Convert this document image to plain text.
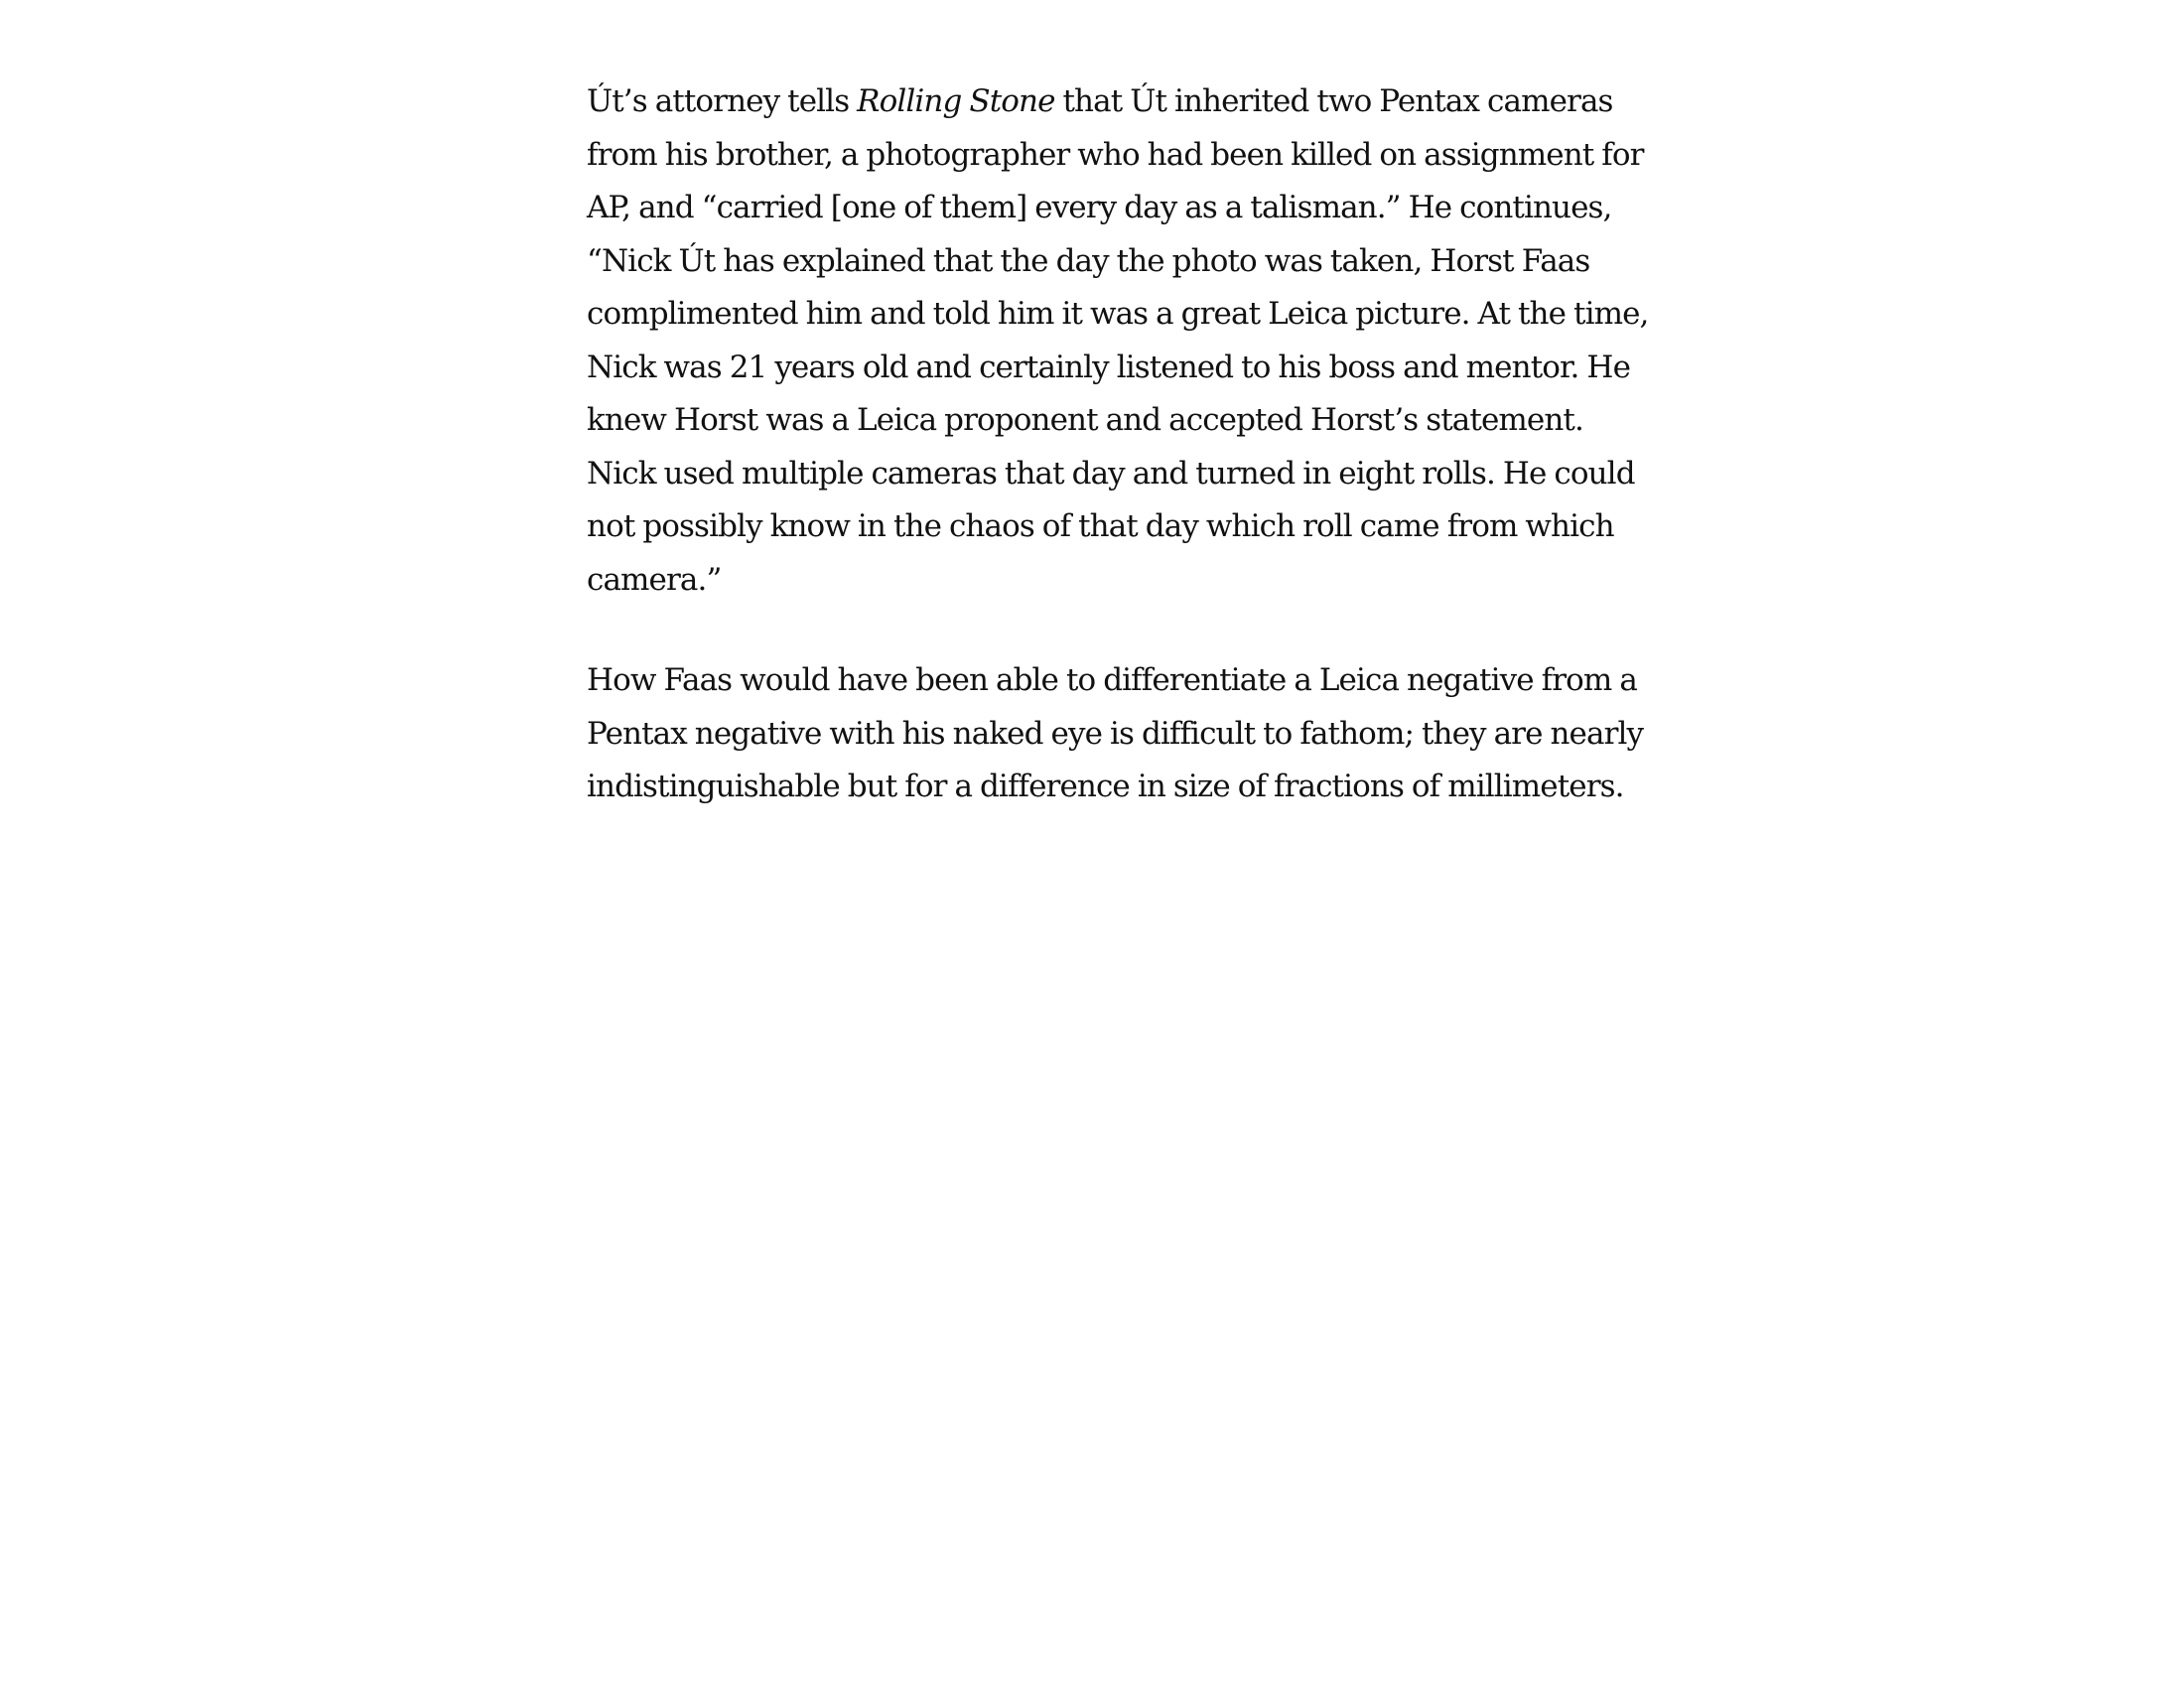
Út’s attorney tells Rolling Stone that Út inherited two Pentax cameras from his brother, a photographer who had been killed on assignment for AP, and “carried [one of them] every day as a talisman.” He continues, “Nick Út has explained that the day the photo was taken, Horst Faas complimented him and told him it was a great Leica picture. At the time, Nick was 21 years old and certainly listened to his boss and mentor. He knew Horst was a Leica proponent and accepted Horst’s statement. Nick used multiple cameras that day and turned in eight rolls. He could not possibly know in the chaos of that day which roll came from which camera.”

How Faas would have been able to differentiate a Leica negative from a Pentax negative with his naked eye is difficult to fathom; they are nearly indistinguishable but for a difference in size of fractions of millimeters.
